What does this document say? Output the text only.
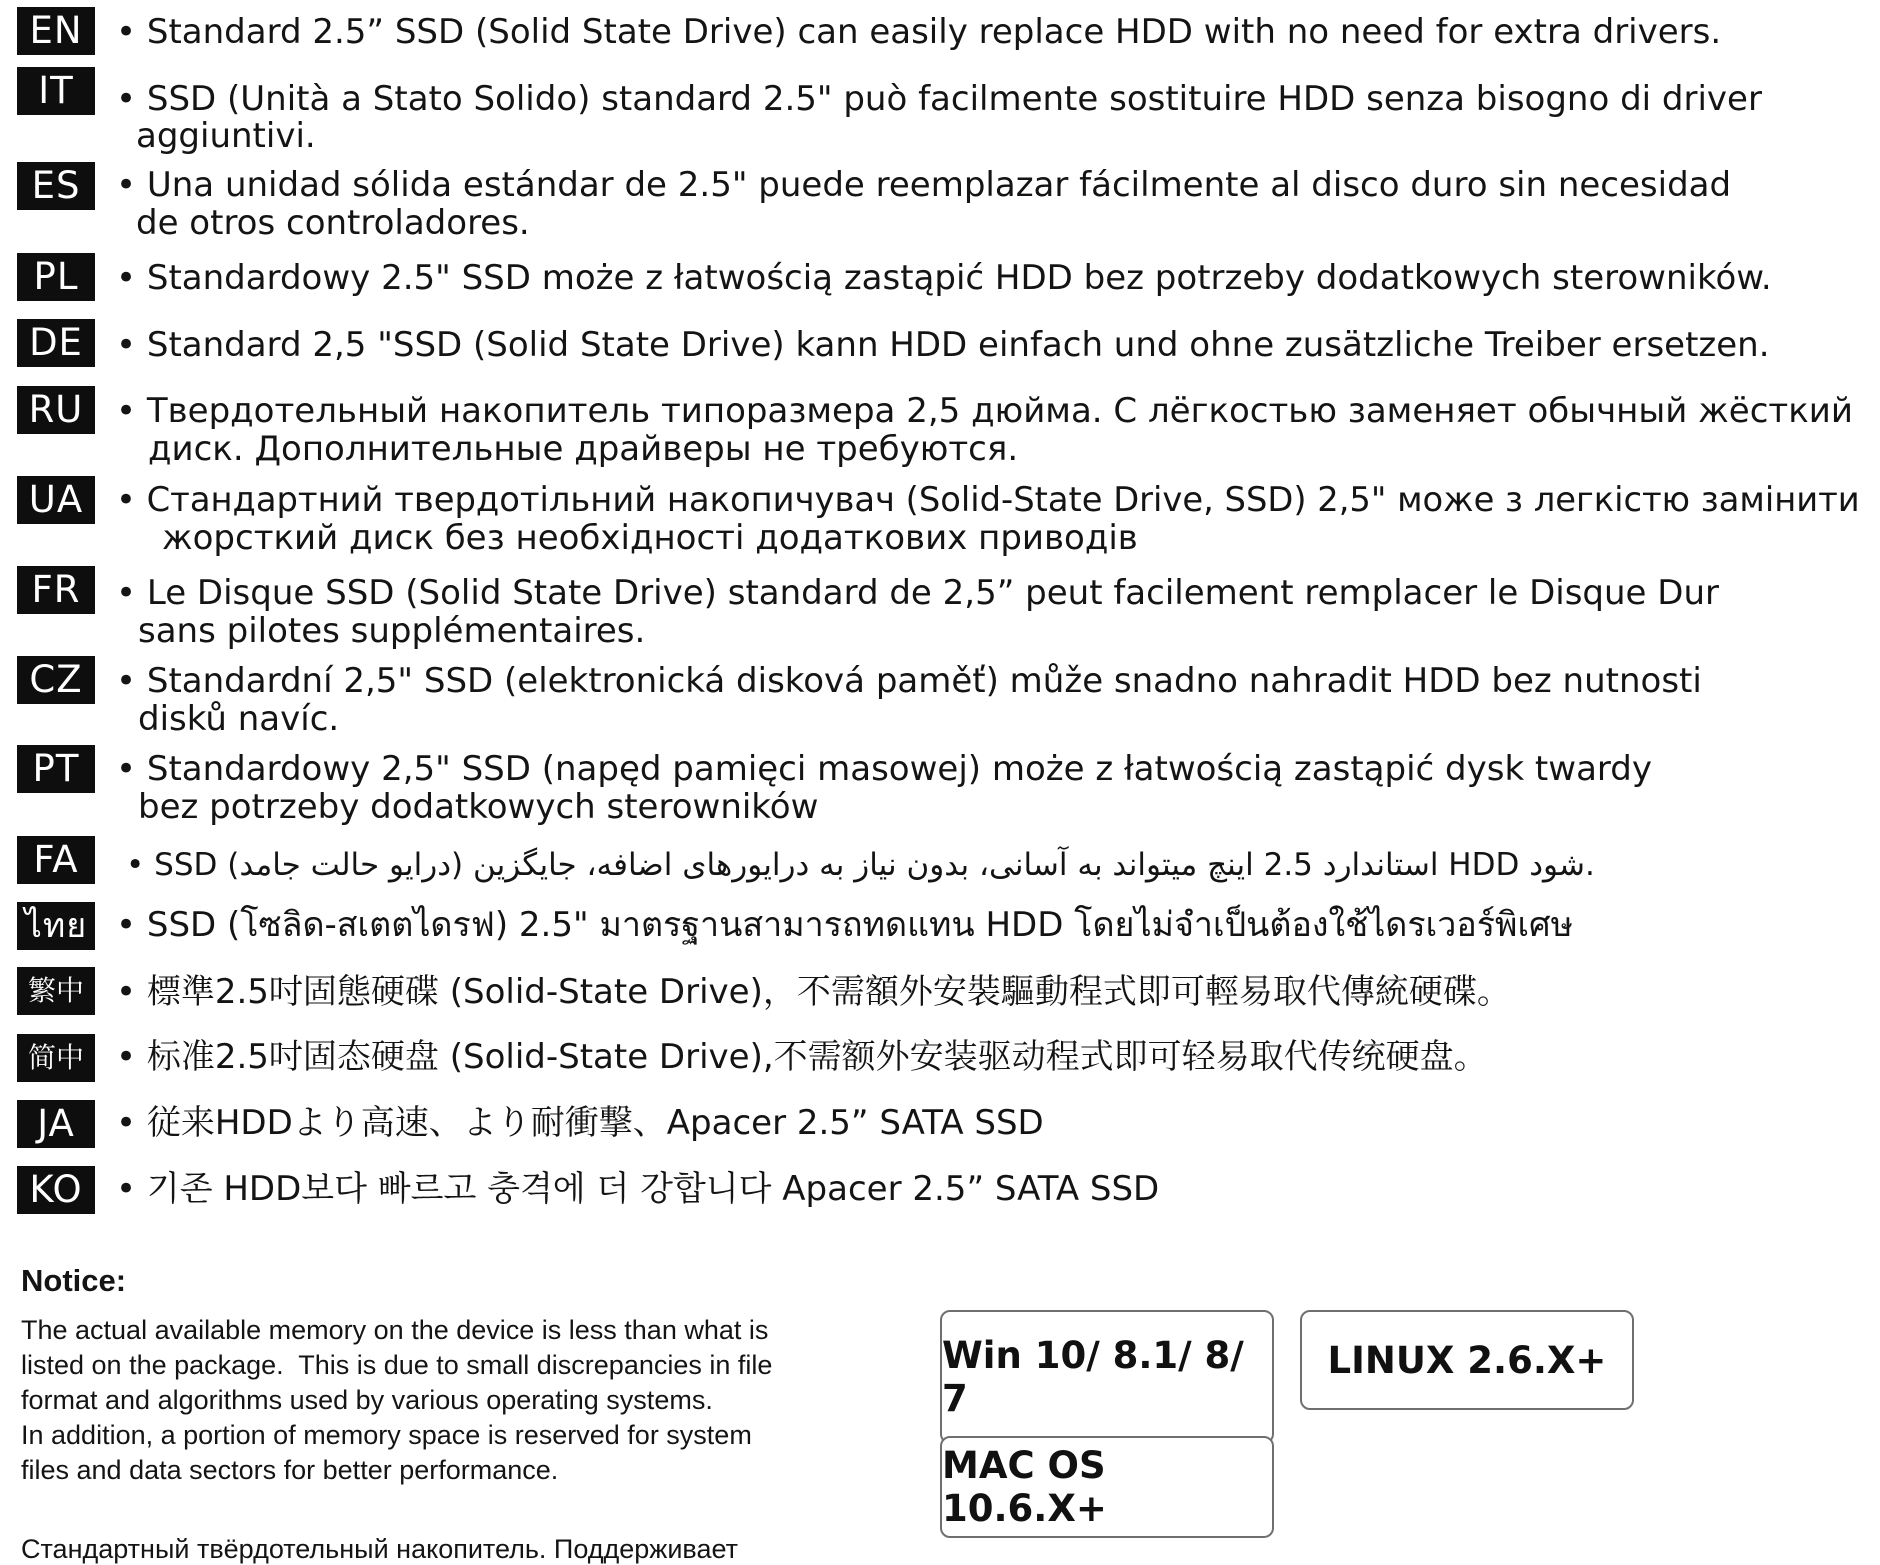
EN • Standard 2.5” SSD (Solid State Drive) can easily replace HDD with no need for extra drivers.
IT	• SSD (Unità a Stato Solido) standard 2.5" può facilmente sostituire HDD senza bisogno di driver
aggiuntivi.
ES	• Una unidad sólida estándar de 2.5" puede reemplazar fácilmente al disco duro sin necesidad
de otros controladores.
PL	• Standardowy 2.5" SSD może z łatwością zastąpić HDD bez potrzeby dodatkowych sterowników.
DE • Standard 2,5 "SSD (Solid State Drive) kann HDD einfach und ohne zusätzliche Treiber ersetzen.
RU • Твердотельный накопитель типоразмера 2,5 дюйма. С лёгкостью заменяет обычный жёсткий
диск. Дополнительные драйверы не требуются.
UA • Стандартний твердотільний накопичувач (Solid-State Drive, SSD) 2,5" може з легкістю замінити
жорсткий диск без необхідності додаткових приводів
FR	• Le Disque SSD (Solid State Drive) standard de 2,5” peut facilement remplacer le Disque Dur
sans pilotes supplémentaires.
CZ • Standardní 2,5" SSD (elektronická disková paměť) může snadno nahradit HDD bez nutnosti
disků navíc.
PT	• Standardowy 2,5" SSD (napęd pamięci masowej) może z łatwością zastąpić dysk twardy
bez potrzeby dodatkowych sterowników
FA	• SSD (درایو حالت جامد) استاندارد 2.5 اینچ میتواند به آسانی، بدون نیاز به درایورهای اضافه، جایگزین HDD شود.
ไทย • SSD (โซลิด-สเตตไดรฟ) 2.5" มาตรฐานสามารถทดแทน HDD โดยไม่จำเป็นต้องใช้ไดรเวอร์พิเศษ
繁中 • 標準2.5吋固態硬碟 (Solid-State Drive)，不需額外安裝驅動程式即可輕易取代傳統硬碟。
简中 • 标准2.5吋固态硬盘 (Solid-State Drive),不需额外安装驱动程式即可轻易取代传统硬盘。
JA	• 従来HDDより高速、より耐衝撃、Apacer 2.5” SATA SSD
KO • 기존 HDD보다 빠르고 충격에 더 강합니다 Apacer 2.5” SATA SSD
Notice:
The actual available memory on the device is less than what is
listed on the package.  This is due to small discrepancies in file
format and algorithms used by various operating systems.
In addition, a portion of memory space is reserved for system
files and data sectors for better performance.
Win 10/ 8.1/ 8/ 7
LINUX 2.6.X+
MAC OS 10.6.X+
Стандартный твёрдотельный накопитель. Поддерживает
